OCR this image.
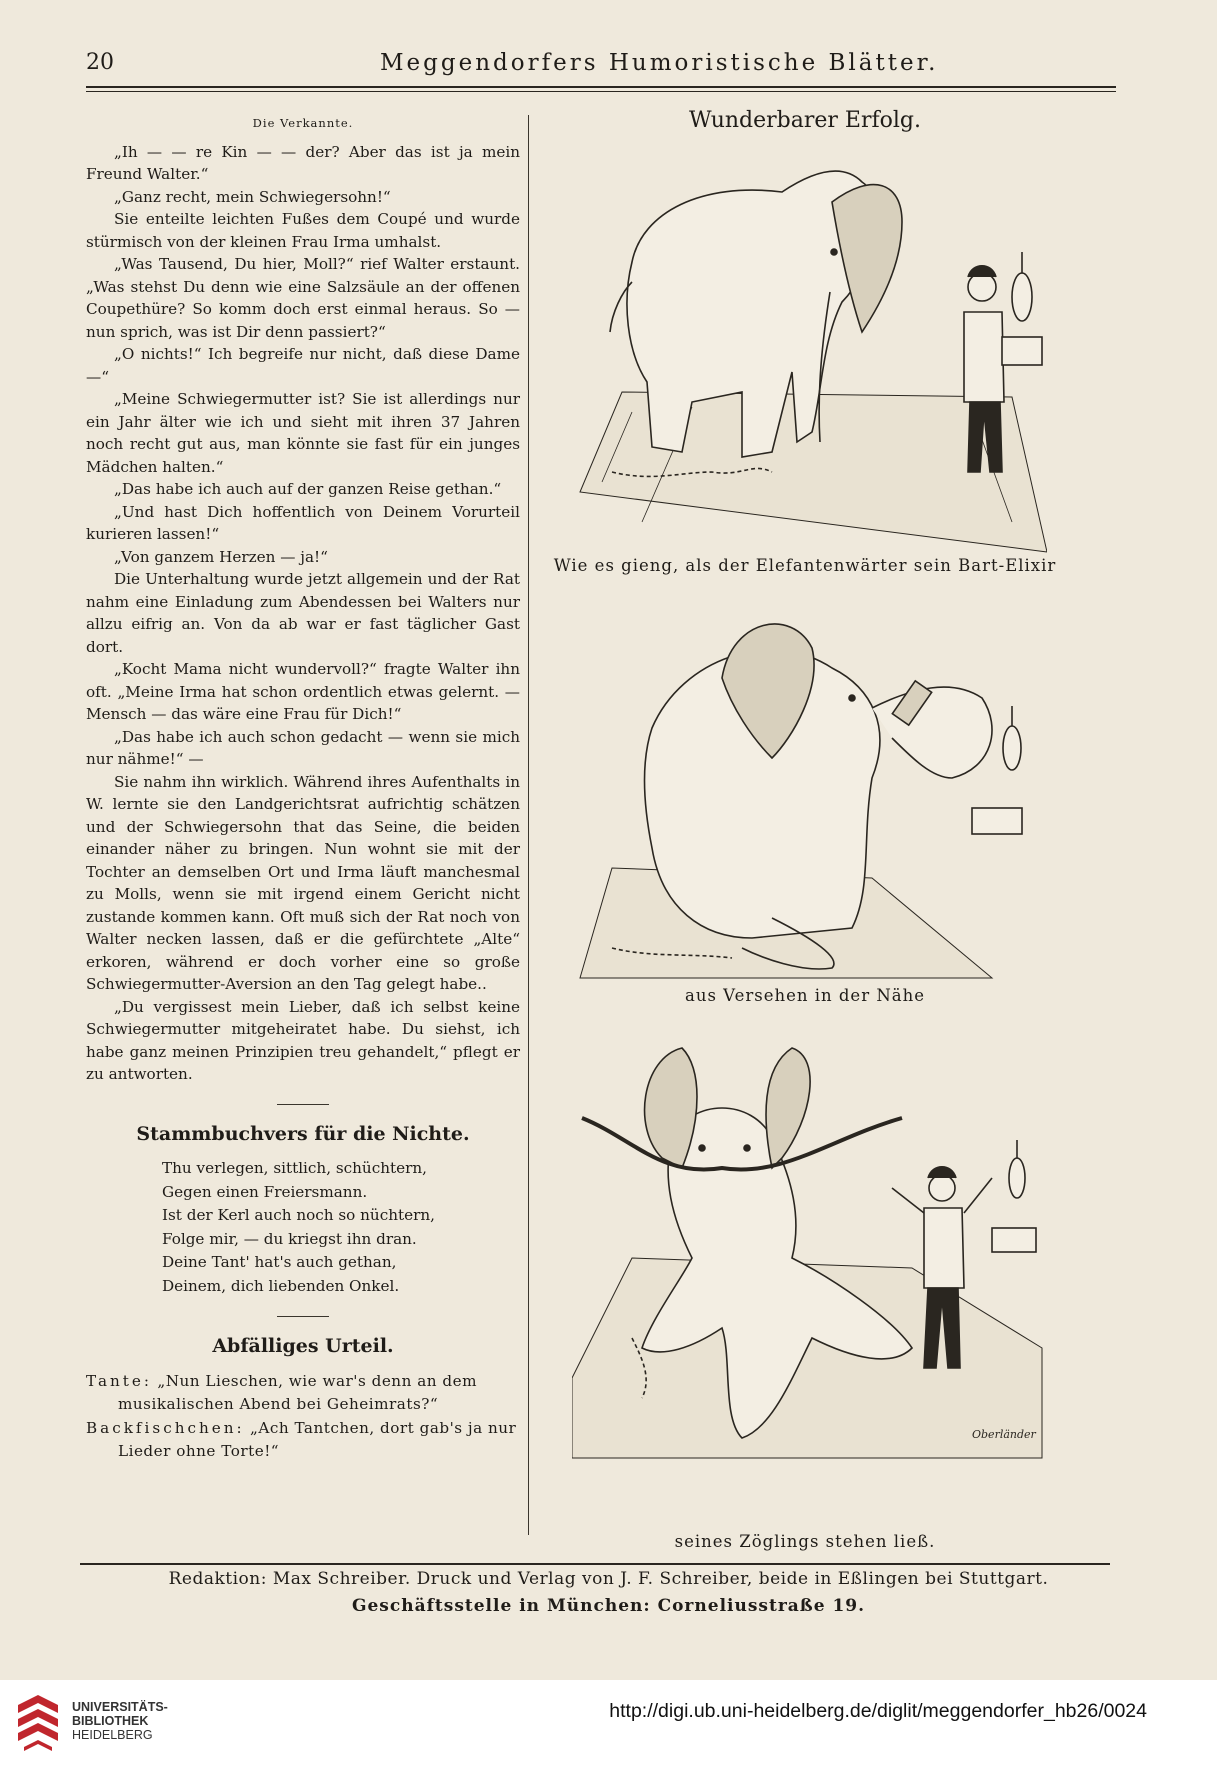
20	Meggendorfers Humoristische Blätter.
Die Verkannte.

„Ih — — re Kin — — der? Aber das ist ja mein Freund Walter.“

„Ganz recht, mein Schwiegersohn!“

Sie enteilte leichten Fußes dem Coupé und wurde stürmisch von der kleinen Frau Irma umhalst.

„Was Tausend, Du hier, Moll?“ rief Walter erstaunt. „Was stehst Du denn wie eine Salzsäule an der offenen Coupethüre? So komm doch erst einmal heraus. So — nun sprich, was ist Dir denn passiert?“

„O nichts!“ Ich begreife nur nicht, daß diese Dame —“

„Meine Schwiegermutter ist? Sie ist allerdings nur ein Jahr älter wie ich und sieht mit ihren 37 Jahren noch recht gut aus, man könnte sie fast für ein junges Mädchen halten.“

„Das habe ich auch auf der ganzen Reise gethan.“

„Und hast Dich hoffentlich von Deinem Vorurteil kurieren lassen!“

„Von ganzem Herzen — ja!“

Die Unterhaltung wurde jetzt allgemein und der Rat nahm eine Einladung zum Abendessen bei Walters nur allzu eifrig an. Von da ab war er fast täglicher Gast dort.

„Kocht Mama nicht wundervoll?“ fragte Walter ihn oft. „Meine Irma hat schon ordentlich etwas gelernt. — Mensch — das wäre eine Frau für Dich!“

„Das habe ich auch schon gedacht — wenn sie mich nur nähme!“ —

Sie nahm ihn wirklich. Während ihres Aufenthalts in W. lernte sie den Landgerichtsrat aufrichtig schätzen und der Schwiegersohn that das Seine, die beiden einander näher zu bringen. Nun wohnt sie mit der Tochter an demselben Ort und Irma läuft manchesmal zu Molls, wenn sie mit irgend einem Gericht nicht zustande kommen kann. Oft muß sich der Rat noch von Walter necken lassen, daß er die gefürchtete „Alte“ erkoren, während er doch vorher eine so große Schwiegermutter-Aversion an den Tag gelegt habe..

„Du vergissest mein Lieber, daß ich selbst keine Schwiegermutter mitgeheiratet habe. Du siehst, ich habe ganz meinen Prinzipien treu gehandelt,“ pflegt er zu antworten.

Stammbuchvers für die Nichte.
Thu verlegen, sittlich, schüchtern,
Gegen einen Freiersmann.
Ist der Kerl auch noch so nüchtern,
Folge mir, — du kriegst ihn dran.
Deine Tant' hat's auch gethan,
Deinem, dich liebenden Onkel.
Abfälliges Urteil.
Tante: „Nun Lieschen, wie war's denn an dem
musikalischen Abend bei Geheimrats?“
Backfischchen: „Ach Tantchen, dort gab's ja nur
Lieder ohne Torte!“
Wunderbarer Erfolg.
Wie es gieng, als der Elefantenwärter sein Bart-Elixir
aus Versehen in der Nähe
Oberländer
seines Zöglings stehen ließ.
Redaktion: Max Schreiber. Druck und Verlag von J. F. Schreiber, beide in Eßlingen bei Stuttgart.
Geschäftsstelle in München: Corneliusstraße 19.
UNIVERSITÄTS-
BIBLIOTHEK
HEIDELBERG
http://digi.ub.uni-heidelberg.de/diglit/meggendorfer_hb26/0024
